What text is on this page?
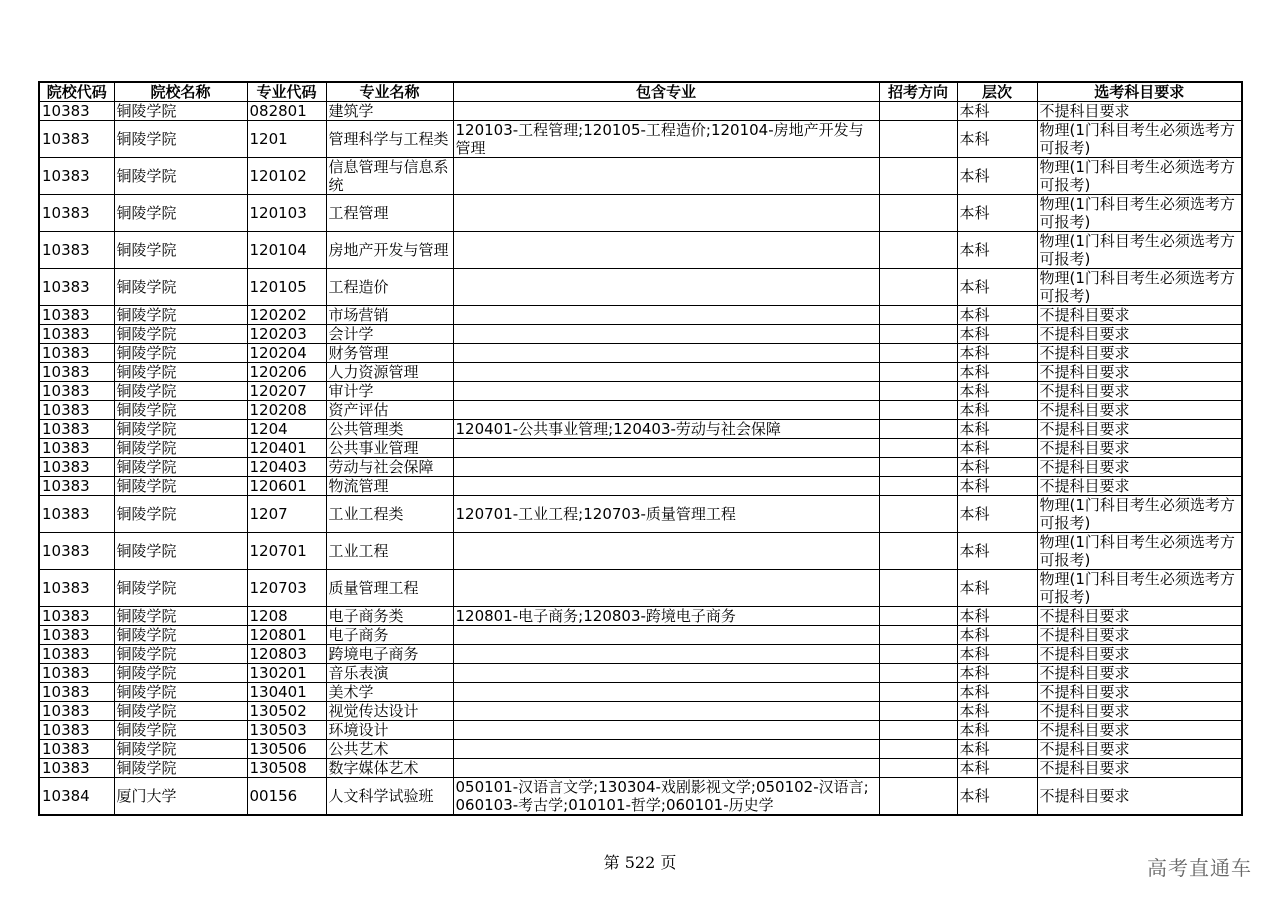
院校代码	院校名称	专业代码	专业名称	包含专业	招考方向	层次	选考科目要求
10383	铜陵学院	082801	建筑学			本科	不提科目要求
10383	铜陵学院	1201	管理科学与工程类	120103-工程管理;120105-工程造价;120104-房地产开发与管理		本科	物理(1门科目考生必须选考方可报考)
10383	铜陵学院	120102	信息管理与信息系统			本科	物理(1门科目考生必须选考方可报考)
10383	铜陵学院	120103	工程管理			本科	物理(1门科目考生必须选考方可报考)
10383	铜陵学院	120104	房地产开发与管理			本科	物理(1门科目考生必须选考方可报考)
10383	铜陵学院	120105	工程造价			本科	物理(1门科目考生必须选考方可报考)
10383	铜陵学院	120202	市场营销			本科	不提科目要求
10383	铜陵学院	120203	会计学			本科	不提科目要求
10383	铜陵学院	120204	财务管理			本科	不提科目要求
10383	铜陵学院	120206	人力资源管理			本科	不提科目要求
10383	铜陵学院	120207	审计学			本科	不提科目要求
10383	铜陵学院	120208	资产评估			本科	不提科目要求
10383	铜陵学院	1204	公共管理类	120401-公共事业管理;120403-劳动与社会保障		本科	不提科目要求
10383	铜陵学院	120401	公共事业管理			本科	不提科目要求
10383	铜陵学院	120403	劳动与社会保障			本科	不提科目要求
10383	铜陵学院	120601	物流管理			本科	不提科目要求
10383	铜陵学院	1207	工业工程类	120701-工业工程;120703-质量管理工程		本科	物理(1门科目考生必须选考方可报考)
10383	铜陵学院	120701	工业工程			本科	物理(1门科目考生必须选考方可报考)
10383	铜陵学院	120703	质量管理工程			本科	物理(1门科目考生必须选考方可报考)
10383	铜陵学院	1208	电子商务类	120801-电子商务;120803-跨境电子商务		本科	不提科目要求
10383	铜陵学院	120801	电子商务			本科	不提科目要求
10383	铜陵学院	120803	跨境电子商务			本科	不提科目要求
10383	铜陵学院	130201	音乐表演			本科	不提科目要求
10383	铜陵学院	130401	美术学			本科	不提科目要求
10383	铜陵学院	130502	视觉传达设计			本科	不提科目要求
10383	铜陵学院	130503	环境设计			本科	不提科目要求
10383	铜陵学院	130506	公共艺术			本科	不提科目要求
10383	铜陵学院	130508	数字媒体艺术			本科	不提科目要求
10384	厦门大学	00156	人文科学试验班	050101-汉语言文学;130304-戏剧影视文学;050102-汉语言;060103-考古学;010101-哲学;060101-历史学		本科	不提科目要求
第 522 页	高考直通车
